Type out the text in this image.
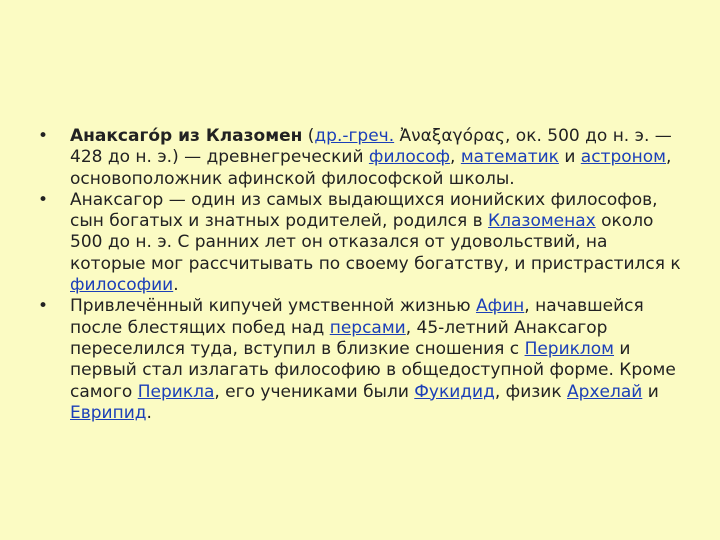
• Анаксаго́р из Клазомен (др.-греч. Ἀναξαγόρας, ок. 500 до н. э. — 428 до н. э.) — древнегреческий философ, математик и астроном, основоположник афинской философской школы.
• Анаксагор — один из самых выдающихся ионийских философов, сын богатых и знатных родителей, родился в Клазоменах около 500 до н. э. С ранних лет он отказался от удовольствий, на которые мог рассчитывать по своему богатству, и пристрастился к философии.
• Привлечённый кипучей умственной жизнью Афин, начавшейся после блестящих побед над персами, 45-летний Анаксагор переселился туда, вступил в близкие сношения с Периклом и первый стал излагать философию в общедоступной форме. Кроме самого Перикла, его учениками были Фукидид, физик Архелай и Еврипид.
